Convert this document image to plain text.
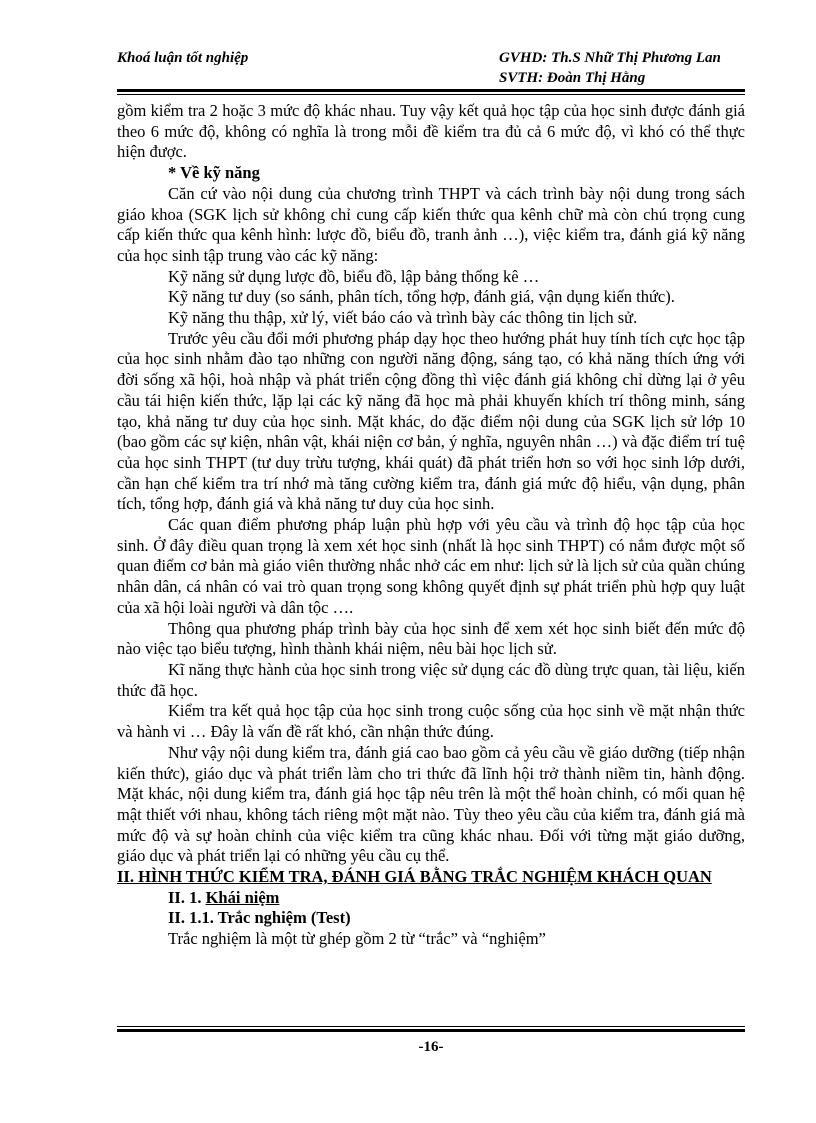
Khoá luận tốt nghiệp	GVHD: Th.S Nhữ Thị Phương Lan
SVTH: Đoàn Thị Hằng

gồm kiểm tra 2 hoặc 3 mức độ khác nhau. Tuy vậy kết quả học tập của học sinh được đánh giá theo 6 mức độ, không có nghĩa là trong mỗi đề kiểm tra đủ cả 6 mức độ, vì khó có thể thực hiện được.

* Về kỹ năng

Căn cứ vào nội dung của chương trình THPT và cách trình bày nội dung trong sách giáo khoa (SGK lịch sử không chỉ cung cấp kiến thức qua kênh chữ mà còn chú trọng cung cấp kiến thức qua kênh hình: lược đồ, biểu đồ, tranh ảnh …), việc kiểm tra, đánh giá kỹ năng của học sinh tập trung vào các kỹ năng:

Kỹ năng sử dụng lược đồ, biểu đồ, lập bảng thống kê …

Kỹ năng tư duy (so sánh, phân tích, tổng hợp, đánh giá, vận dụng kiến thức).

Kỹ năng thu thập, xử lý, viết báo cáo và trình bày các thông tin lịch sử.

Trước yêu cầu đổi mới phương pháp dạy học theo hướng phát huy tính tích cực học tập của học sinh nhằm đào tạo những con người năng động, sáng tạo, có khả năng thích ứng với đời sống xã hội, hoà nhập và phát triển cộng đồng thì việc đánh giá không chỉ dừng lại ở yêu cầu tái hiện kiến thức, lặp lại các kỹ năng đã học mà phải khuyến khích trí thông minh, sáng tạo, khả năng tư duy của học sinh. Mặt khác, do đặc điểm nội dung của SGK lịch sử lớp 10 (bao gồm các sự kiện, nhân vật, khái niện cơ bản, ý nghĩa, nguyên nhân …) và đặc điểm trí tuệ của học sinh THPT (tư duy trừu tượng, khái quát) đã phát triển hơn so với học sinh lớp dưới, cần hạn chế kiểm tra trí nhớ mà tăng cường kiểm tra, đánh giá mức độ hiểu, vận dụng, phân tích, tổng hợp, đánh giá và khả năng tư duy của học sinh.

Các quan điểm phương pháp luận phù hợp với yêu cầu và trình độ học tập của học sinh. Ở đây điều quan trọng là xem xét học sinh (nhất là học sinh THPT) có nắm được một số quan điểm cơ bản mà giáo viên thường nhắc nhở các em như: lịch sử là lịch sử của quần chúng nhân dân, cá nhân có vai trò quan trọng song không quyết định sự phát triển phù hợp quy luật của xã hội loài người và dân tộc ….

Thông qua phương pháp trình bày của học sinh để xem xét học sinh biết đến mức độ nào việc tạo biểu tượng, hình thành khái niệm, nêu bài học lịch sử.

Kĩ năng thực hành của học sinh trong việc sử dụng các đồ dùng trực quan, tài liệu, kiến thức đã học.

Kiểm tra kết quả học tập của học sinh trong cuộc sống của học sinh về mặt nhận thức và hành vi … Đây là vấn đề rất khó, cần nhận thức đúng.

Như vậy nội dung kiểm tra, đánh giá cao bao gồm cả yêu cầu về giáo dưỡng (tiếp nhận kiến thức), giáo dục và phát triển làm cho tri thức đã lĩnh hội trở thành niềm tin, hành động. Mặt khác, nội dung kiểm tra, đánh giá học tập nêu trên là một thể hoàn chỉnh, có mối quan hệ mật thiết với nhau, không tách riêng một mặt nào. Tùy theo yêu cầu của kiểm tra, đánh giá mà mức độ và sự hoàn chỉnh của việc kiểm tra cũng khác nhau. Đối với từng mặt giáo dưỡng, giáo dục và phát triển lại có những yêu cầu cụ thể.

II. HÌNH THỨC KIỂM TRA, ĐÁNH GIÁ BẰNG TRẮC NGHIỆM KHÁCH QUAN

II. 1. Khái niệm

II. 1.1. Trắc nghiệm (Test)

Trắc nghiệm là một từ ghép gồm 2 từ “trắc” và “nghiệm”

-16-
